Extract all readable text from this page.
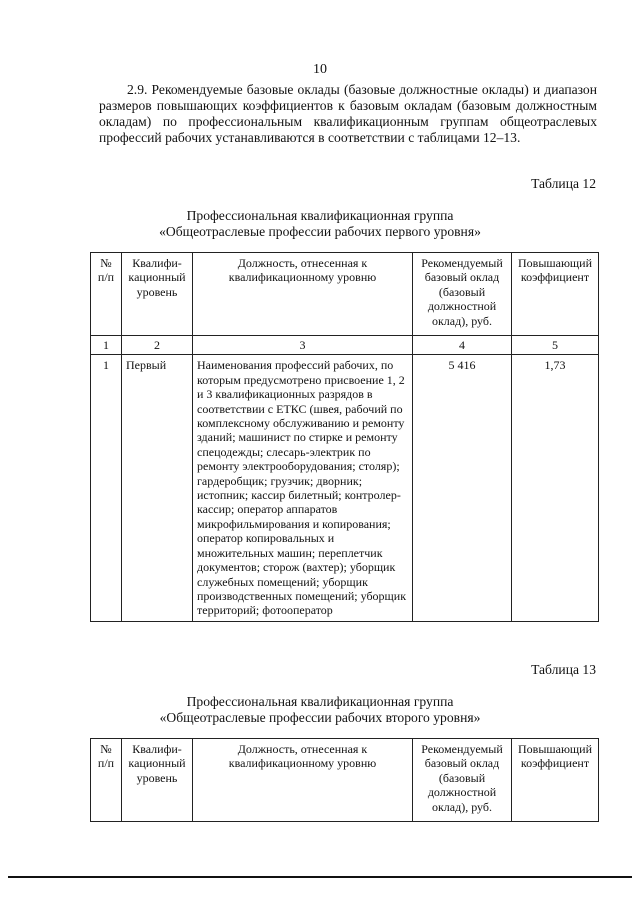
10
2.9. Рекомендуемые базовые оклады (базовые должностные оклады) и диапазон размеров повышающих коэффициентов к базовым окладам (базовым должностным окладам) по профессиональным квалификационным группам общеотраслевых профессий рабочих устанавливаются в соответствии с таблицами 12–13.
Таблица 12
Профессиональная квалификационная группа
«Общеотраслевые профессии рабочих первого уровня»
№ п/п	Квалифи-кационный уровень	Должность, отнесенная к квалификационному уровню	Рекомендуемый базовый оклад (базовый должностной оклад), руб.	Повышающий коэффициент
1	2	3	4	5
1	Первый	Наименования профессий рабочих, по которым предусмотрено присвоение 1, 2 и 3 квалификационных разрядов в соответствии с ЕТКС (швея, рабочий по комплексному обслуживанию и ремонту зданий; машинист по стирке и ремонту спецодежды; слесарь-электрик по ремонту электрооборудования; столяр); гардеробщик; грузчик; дворник; истопник; кассир билетный; контролер-кассир; оператор аппаратов микрофильмирования и копирования; оператор копировальных и множительных машин; переплетчик документов; сторож (вахтер); уборщик служебных помещений; уборщик производственных помещений; уборщик территорий; фотооператор	5 416	1,73
Таблица 13
Профессиональная квалификационная группа
«Общеотраслевые профессии рабочих второго уровня»
№ п/п	Квалифи-кационный уровень	Должность, отнесенная к квалификационному уровню	Рекомендуемый базовый оклад (базовый должностной оклад), руб.	Повышающий коэффициент
